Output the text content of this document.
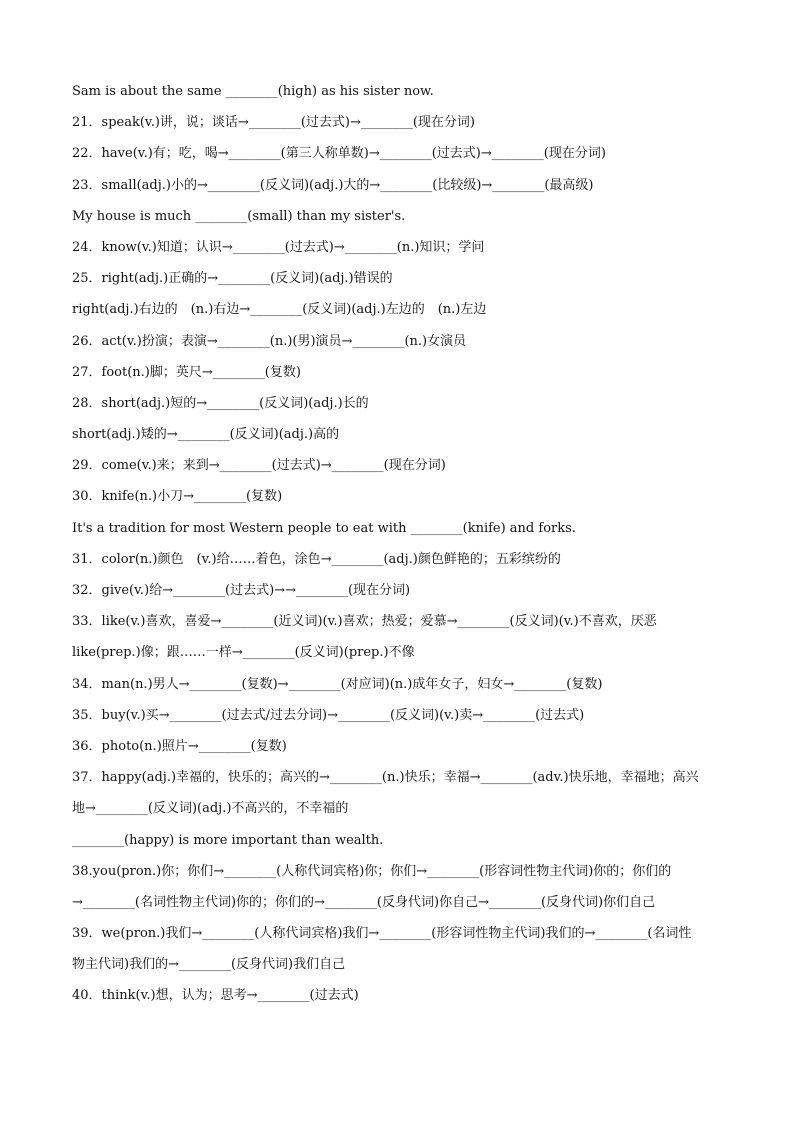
Sam is about the same ________(high) as his sister now.
21．speak(v.)讲，说；谈话→________(过去式)→________(现在分词)
22．have(v.)有；吃，喝→________(第三人称单数)→________(过去式)→________(现在分词)
23．small(adj.)小的→________(反义词)(adj.)大的→________(比较级)→________(最高级)
My house is much ________(small) than my sister's.
24．know(v.)知道；认识→________(过去式)→________(n.)知识；学问
25．right(adj.)正确的→________(反义词)(adj.)错误的
right(adj.)右边的　(n.)右边→________(反义词)(adj.)左边的　(n.)左边
26．act(v.)扮演；表演→________(n.)(男)演员→________(n.)女演员
27．foot(n.)脚；英尺→________(复数)
28．short(adj.)短的→________(反义词)(adj.)长的
short(adj.)矮的→________(反义词)(adj.)高的
29．come(v.)来；来到→________(过去式)→________(现在分词)
30．knife(n.)小刀→________(复数)
It's a tradition for most Western people to eat with ________(knife) and forks.
31．color(n.)颜色　(v.)给……着色，涂色→________(adj.)颜色鲜艳的；五彩缤纷的
32．give(v.)给→________(过去式)→→________(现在分词)
33．like(v.)喜欢，喜爱→________(近义词)(v.)喜欢；热爱；爱慕→________(反义词)(v.)不喜欢，厌恶
like(prep.)像；跟……一样→________(反义词)(prep.)不像
34．man(n.)男人→________(复数)→________(对应词)(n.)成年女子，妇女→________(复数)
35．buy(v.)买→________(过去式/过去分词)→________(反义词)(v.)卖→________(过去式)
36．photo(n.)照片→________(复数)
37．happy(adj.)幸福的，快乐的；高兴的→________(n.)快乐；幸福→________(adv.)快乐地，幸福地；高兴
地→________(反义词)(adj.)不高兴的，不幸福的
________(happy) is more important than wealth.
38.you(pron.)你；你们→________(人称代词宾格)你；你们→________(形容词性物主代词)你的；你们的
→________(名词性物主代词)你的；你们的→________(反身代词)你自己→________(反身代词)你们自己
39．we(pron.)我们→________(人称代词宾格)我们→________(形容词性物主代词)我们的→________(名词性
物主代词)我们的→________(反身代词)我们自己
40．think(v.)想，认为；思考→________(过去式)
